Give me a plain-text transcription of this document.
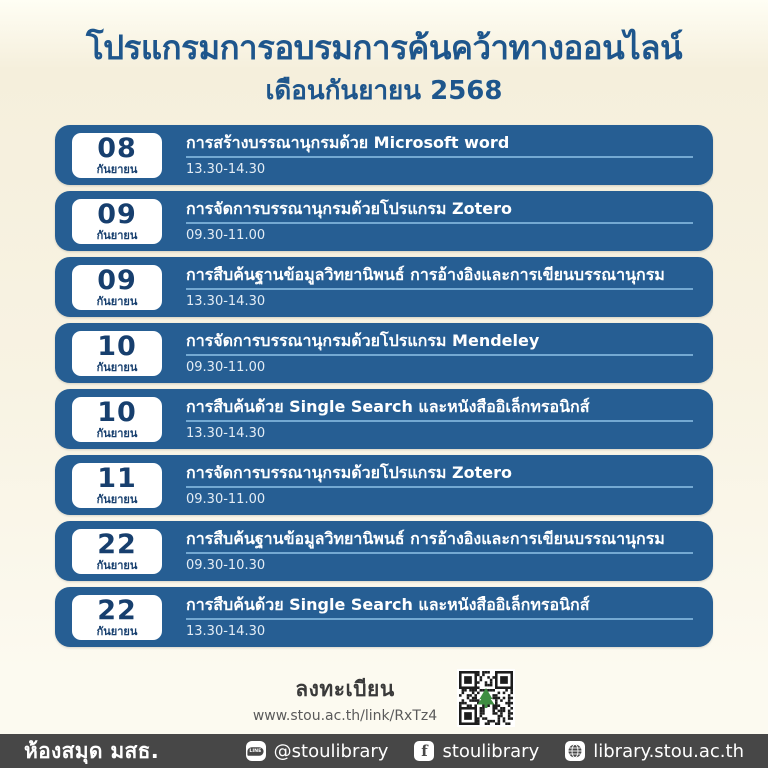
โปรแกรมการอบรมการค้นคว้าทางออนไลน์
เดือนกันยายน 2568
08
กันยายน
การสร้างบรรณานุกรมด้วย Microsoft word
13.30-14.30
09
กันยายน
การจัดการบรรณานุกรมด้วยโปรแกรม Zotero
09.30-11.00
09
กันยายน
การสืบค้นฐานข้อมูลวิทยานิพนธ์ การอ้างอิงและการเขียนบรรณานุกรม
13.30-14.30
10
กันยายน
การจัดการบรรณานุกรมด้วยโปรแกรม Mendeley
09.30-11.00
10
กันยายน
การสืบค้นด้วย Single Search และหนังสืออิเล็กทรอนิกส์
13.30-14.30
11
กันยายน
การจัดการบรรณานุกรมด้วยโปรแกรม Zotero
09.30-11.00
22
กันยายน
การสืบค้นฐานข้อมูลวิทยานิพนธ์ การอ้างอิงและการเขียนบรรณานุกรม
09.30-10.30
22
กันยายน
การสืบค้นด้วย Single Search และหนังสืออิเล็กทรอนิกส์
13.30-14.30
ลงทะเบียน
www.stou.ac.th/link/RxTz4
ห้องสมุด มสธ.	LINE @stoulibrary	f stoulibrary	library.stou.ac.th
